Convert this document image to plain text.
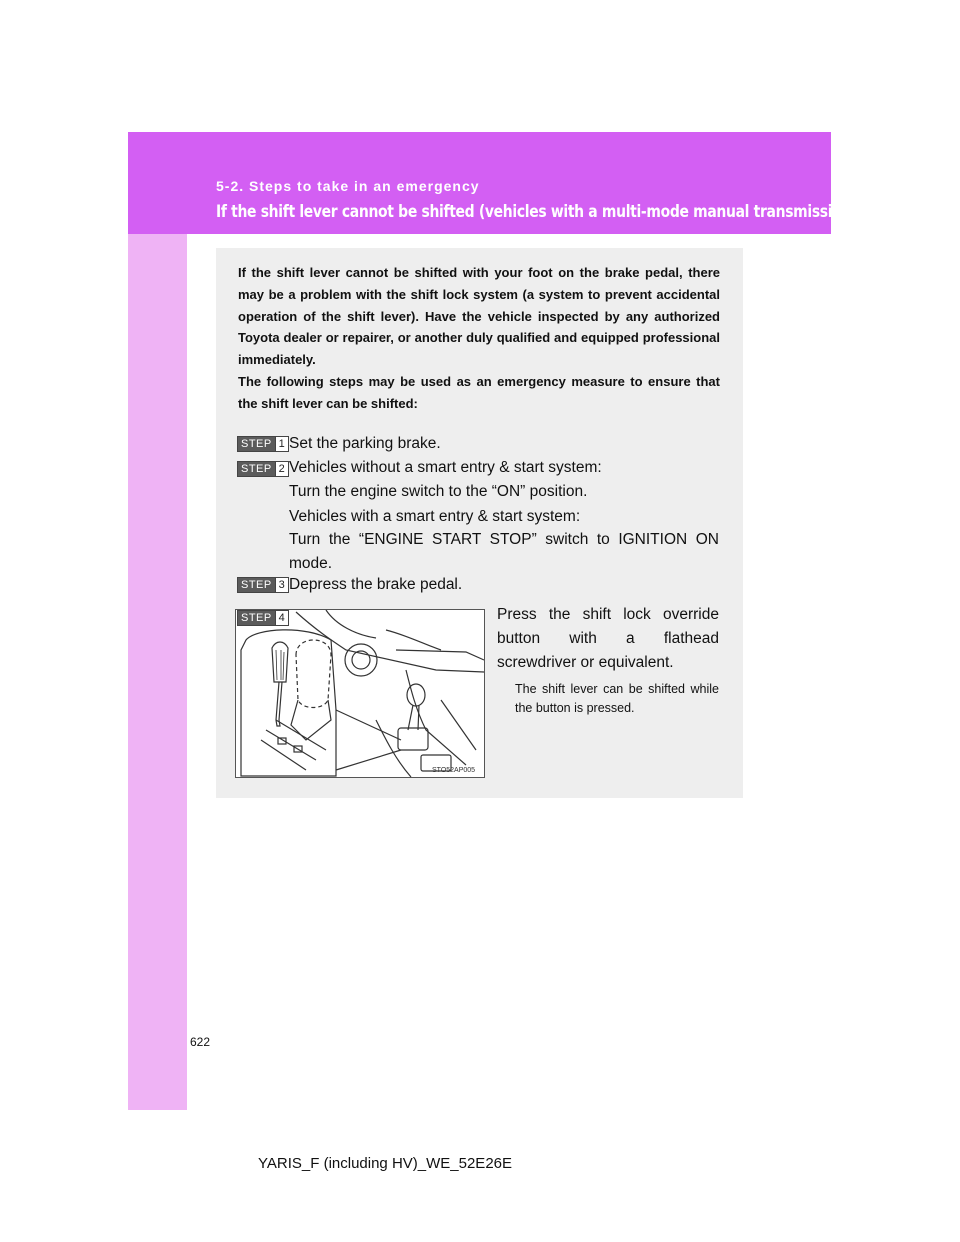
5-2. Steps to take in an emergency
If the shift lever cannot be shifted (vehicles with a multi-mode manual transmission)

If the shift lever cannot be shifted with your foot on the brake pedal, there may be a problem with the shift lock system (a system to prevent accidental operation of the shift lever). Have the vehicle inspected by any authorized Toyota dealer or repairer, or another duly qualified and equipped professional immediately.

The following steps may be used as an emergency measure to ensure that the shift lever can be shifted:

STEP 1 Set the parking brake.
STEP 2 Vehicles without a smart entry & start system:
Turn the engine switch to the “ON” position.
Vehicles with a smart entry & start system:
Turn the “ENGINE START STOP” switch to IGNITION ON mode.
STEP 3 Depress the brake pedal.
STO52AP005
STEP 4	Press the shift lock override button with a flathead screwdriver or equivalent.
The shift lever can be shifted while the button is pressed.
622
YARIS_F (including HV)_WE_52E26E
